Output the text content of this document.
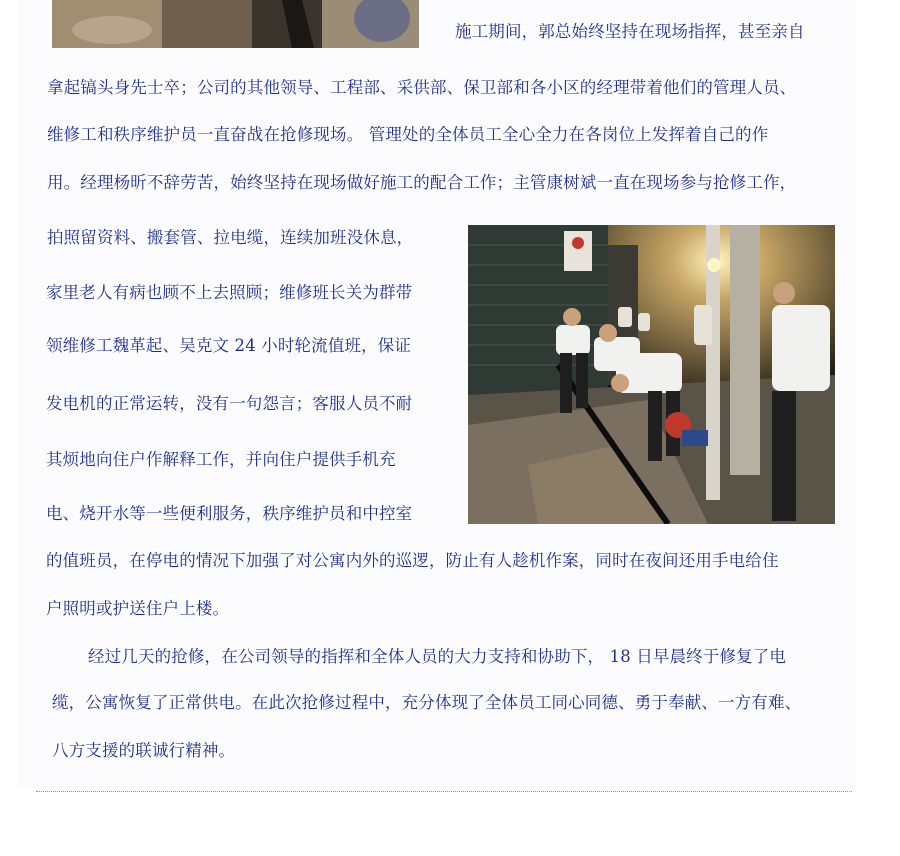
施工期间，郭总始终坚持在现场指挥，甚至亲自

拿起镐头身先士卒；公司的其他领导、工程部、采供部、保卫部和各小区的经理带着他们的管理人员、

维修工和秩序维护员一直奋战在抢修现场。 管理处的全体员工全心全力在各岗位上发挥着自己的作

用。经理杨昕不辞劳苦，始终坚持在现场做好施工的配合工作；主管康树斌一直在现场参与抢修工作，

拍照留资料、搬套管、拉电缆，连续加班没休息，

家里老人有病也顾不上去照顾；维修班长关为群带

领维修工魏革起、吴克文 24 小时轮流值班，保证

发电机的正常运转，没有一句怨言；客服人员不耐

其烦地向住户作解释工作，并向住户提供手机充

电、烧开水等一些便利服务，秩序维护员和中控室

的值班员，在停电的情况下加强了对公寓内外的巡逻，防止有人趁机作案，同时在夜间还用手电给住

户照明或护送住户上楼。

经过几天的抢修，在公司领导的指挥和全体人员的大力支持和协助下， 18 日早晨终于修复了电

缆，公寓恢复了正常供电。在此次抢修过程中，充分体现了全体员工同心同德、勇于奉献、一方有难、

八方支援的联诚行精神。
